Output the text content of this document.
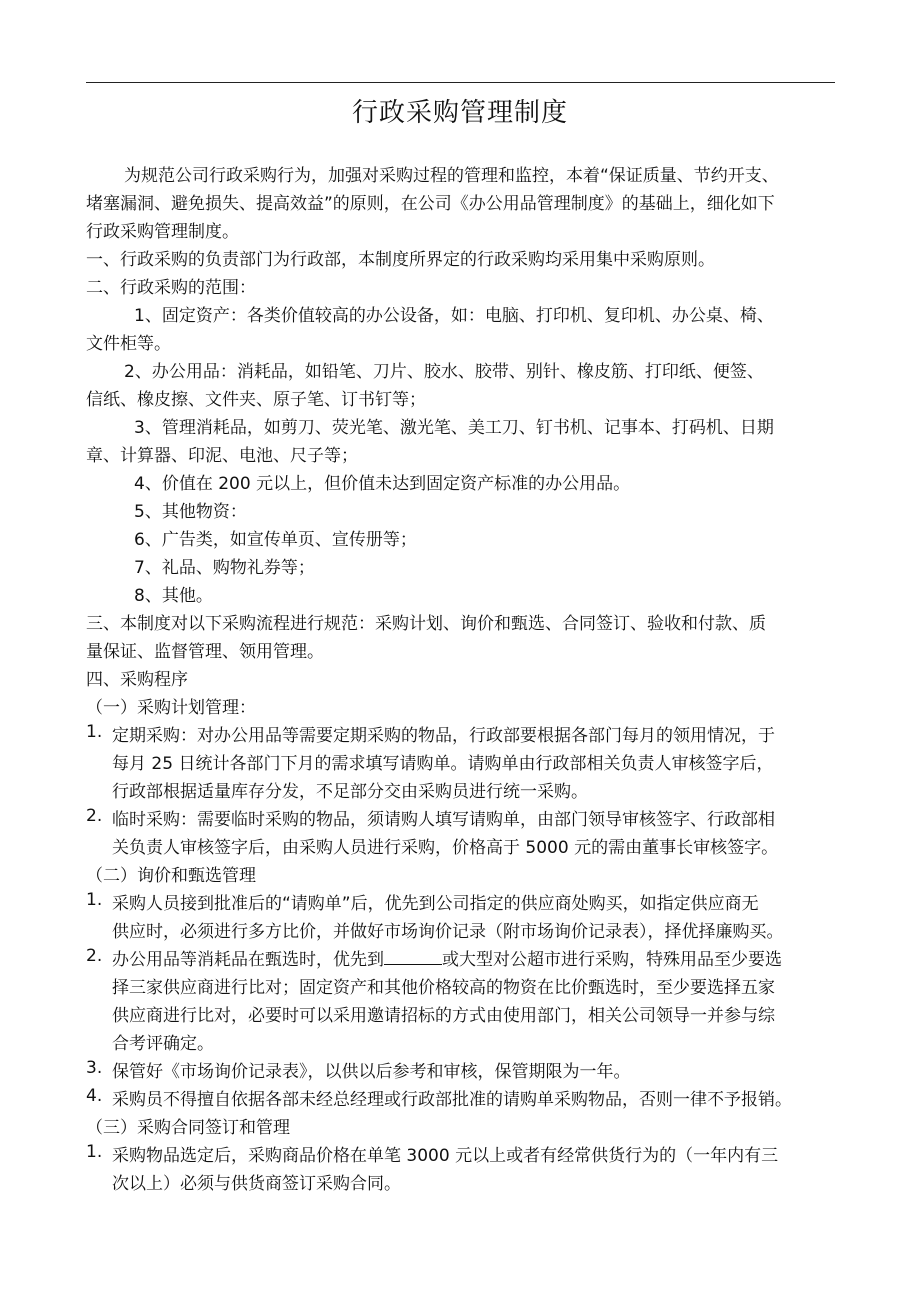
行政采购管理制度

为规范公司行政采购行为，加强对采购过程的管理和监控，本着“保证质量、节约开支、

堵塞漏洞、避免损失、提高效益”的原则，在公司《办公用品管理制度》的基础上，细化如下

行政采购管理制度。

一、行政采购的负责部门为行政部，本制度所界定的行政采购均采用集中采购原则。

二、行政采购的范围：

1、固定资产：各类价值较高的办公设备，如：电脑、打印机、复印机、办公桌、椅、

文件柜等。

2、办公用品：消耗品，如铅笔、刀片、胶水、胶带、别针、橡皮筋、打印纸、便签、

信纸、橡皮擦、文件夹、原子笔、订书钉等；

3、管理消耗品，如剪刀、荧光笔、激光笔、美工刀、钉书机、记事本、打码机、日期

章、计算器、印泥、电池、尺子等；

4、价值在 200 元以上，但价值未达到固定资产标准的办公用品。

5、其他物资：

6、广告类，如宣传单页、宣传册等；

7、礼品、购物礼券等；

8、其他。

三、本制度对以下采购流程进行规范：采购计划、询价和甄选、合同签订、验收和付款、质

量保证、监督管理、领用管理。

四、采购程序

（一）采购计划管理：

1. 定期采购：对办公用品等需要定期采购的物品，行政部要根据各部门每月的领用情况，于

每月 25 日统计各部门下月的需求填写请购单。请购单由行政部相关负责人审核签字后，

行政部根据适量库存分发，不足部分交由采购员进行统一采购。

2. 临时采购：需要临时采购的物品，须请购人填写请购单，由部门领导审核签字、行政部相

关负责人审核签字后，由采购人员进行采购，价格高于 5000 元的需由董事长审核签字。

（二）询价和甄选管理

1. 采购人员接到批准后的“请购单”后，优先到公司指定的供应商处购买，如指定供应商无

供应时，必须进行多方比价，并做好市场询价记录（附市场询价记录表），择优择廉购买。

2. 办公用品等消耗品在甄选时，优先到	或大型对公超市进行采购，特殊用品至少要选

择三家供应商进行比对；固定资产和其他价格较高的物资在比价甄选时，至少要选择五家

供应商进行比对，必要时可以采用邀请招标的方式由使用部门，相关公司领导一并参与综

合考评确定。

3. 保管好《市场询价记录表》，以供以后参考和审核，保管期限为一年。

4. 采购员不得擅自依据各部未经总经理或行政部批准的请购单采购物品，否则一律不予报销。

（三）采购合同签订和管理

1. 采购物品选定后，采购商品价格在单笔 3000 元以上或者有经常供货行为的（一年内有三

次以上）必须与供货商签订采购合同。
